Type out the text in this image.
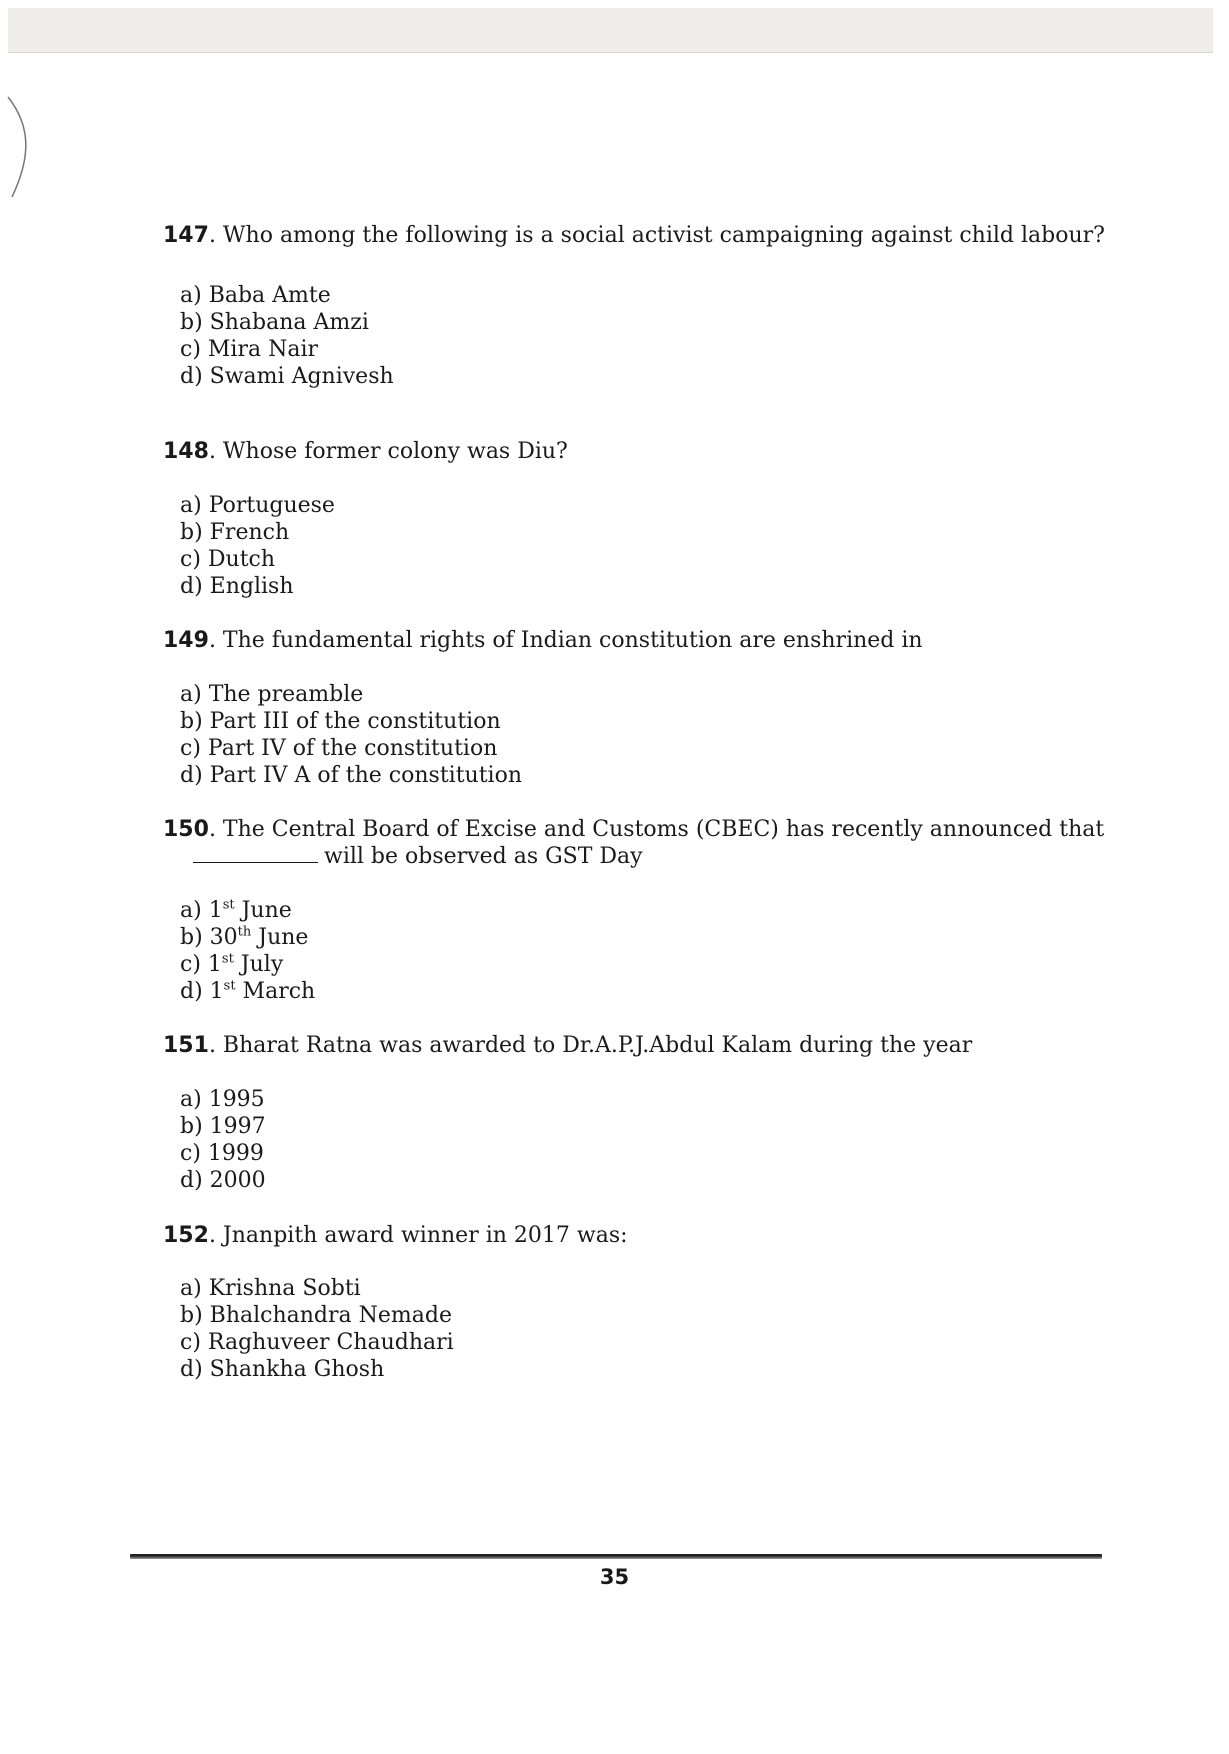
147. Who among the following is a social activist campaigning against child labour?

a) Baba Amte
b) Shabana Amzi
c) Mira Nair
d) Swami Agnivesh

148. Whose former colony was Diu?

a) Portuguese
b) French
c) Dutch
d) English

149. The fundamental rights of Indian constitution are enshrined in

a) The preamble
b) Part III of the constitution
c) Part IV of the constitution
d) Part IV A of the constitution

150. The Central Board of Excise and Customs (CBEC) has recently announced that
will be observed as GST Day

a) 1st June
b) 30th June
c) 1st July
d) 1st March

151. Bharat Ratna was awarded to Dr.A.P.J.Abdul Kalam during the year

a) 1995
b) 1997
c) 1999
d) 2000

152. Jnanpith award winner in 2017 was:

a) Krishna Sobti
b) Bhalchandra Nemade
c) Raghuveer Chaudhari
d) Shankha Ghosh
35
